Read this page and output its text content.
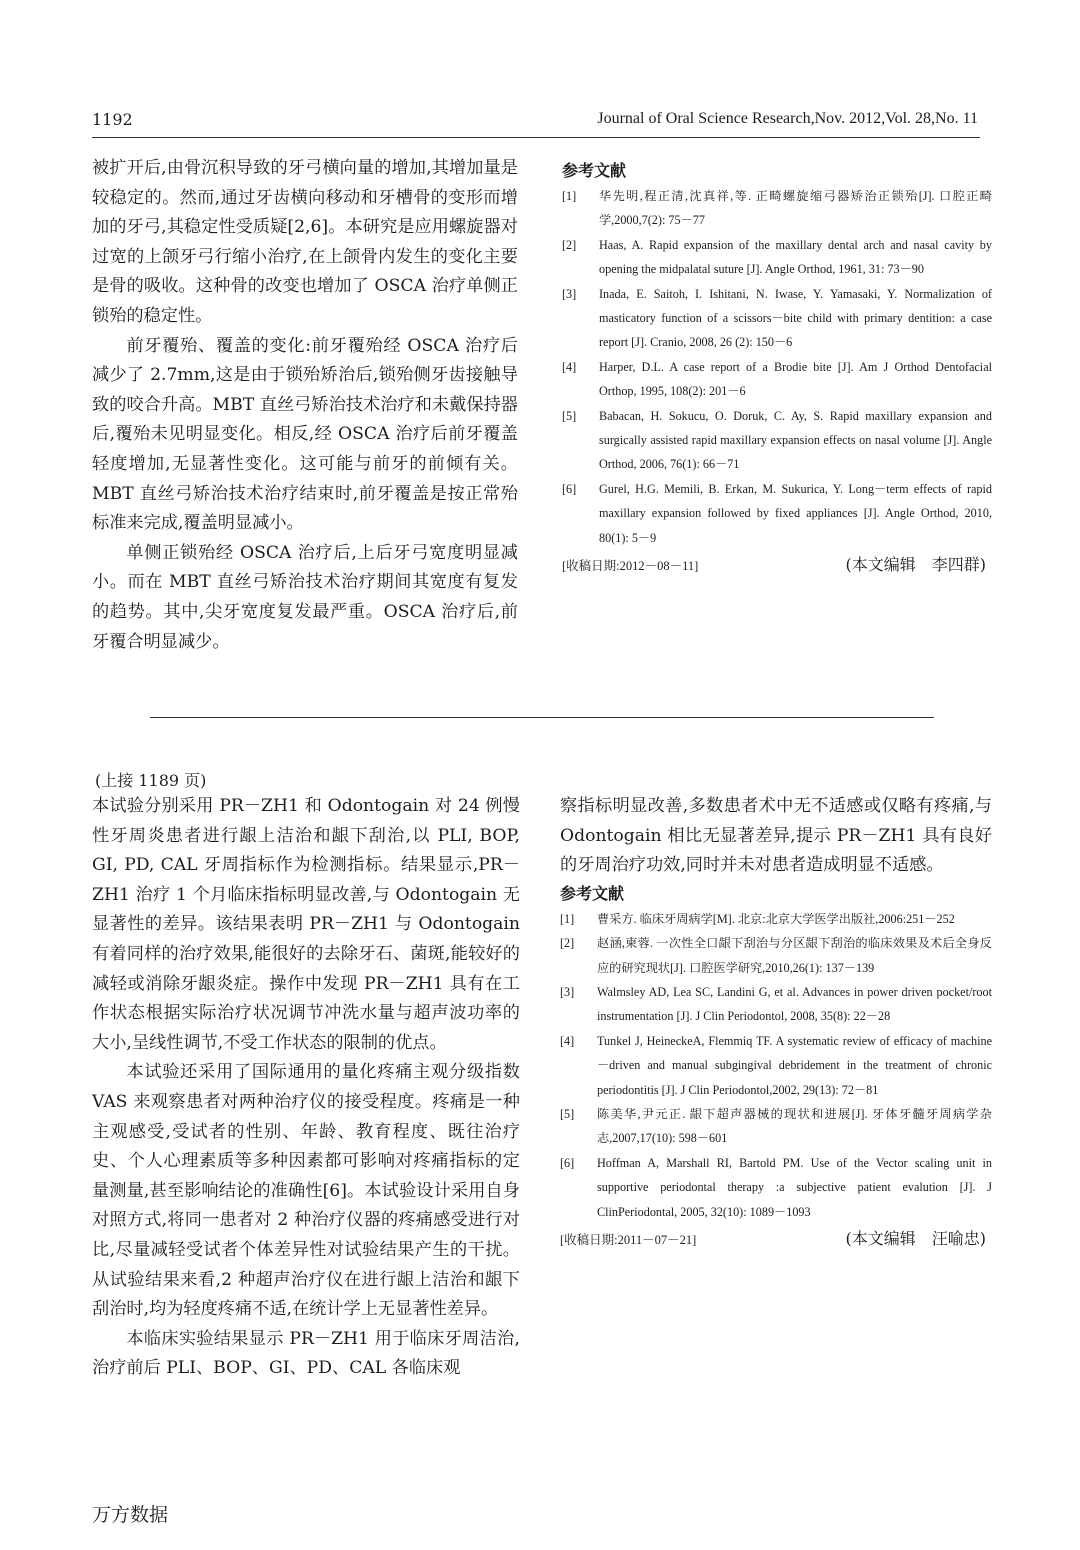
1192	Journal of Oral Science Research,Nov. 2012,Vol. 28,No. 11

被扩开后,由骨沉积导致的牙弓横向量的增加,其增加量是较稳定的。然而,通过牙齿横向移动和牙槽骨的变形而增加的牙弓,其稳定性受质疑[2,6]。本研究是应用螺旋器对过宽的上颌牙弓行缩小治疗,在上颌骨内发生的变化主要是骨的吸收。这种骨的改变也增加了 OSCA 治疗单侧正锁殆的稳定性。

前牙覆殆、覆盖的变化:前牙覆殆经 OSCA 治疗后减少了 2.7mm,这是由于锁殆矫治后,锁殆侧牙齿接触导致的咬合升高。MBT 直丝弓矫治技术治疗和未戴保持器后,覆殆未见明显变化。相反,经 OSCA 治疗后前牙覆盖轻度增加,无显著性变化。这可能与前牙的前倾有关。MBT 直丝弓矫治技术治疗结束时,前牙覆盖是按正常殆标准来完成,覆盖明显减小。

单侧正锁殆经 OSCA 治疗后,上后牙弓宽度明显减小。而在 MBT 直丝弓矫治技术治疗期间其宽度有复发的趋势。其中,尖牙宽度复发最严重。OSCA 治疗后,前牙覆合明显减少。

参考文献
[1] 华先明,程正清,沈真祥,等. 正畸螺旋缩弓器矫治正锁殆[J]. 口腔正畸学,2000,7(2): 75－77
[2] Haas, A. Rapid expansion of the maxillary dental arch and nasal cavity by opening the midpalatal suture [J]. Angle Orthod, 1961, 31: 73－90
[3] Inada, E. Saitoh, I. Ishitani, N. Iwase, Y. Yamasaki, Y. Normalization of masticatory function of a scissors－bite child with primary dentition: a case report [J]. Cranio, 2008, 26 (2): 150－6
[4] Harper, D.L. A case report of a Brodie bite [J]. Am J Orthod Dentofacial Orthop, 1995, 108(2): 201－6
[5] Babacan, H. Sokucu, O. Doruk, C. Ay, S. Rapid maxillary expansion and surgically assisted rapid maxillary expansion effects on nasal volume [J]. Angle Orthod, 2006, 76(1): 66－71
[6] Gurel, H.G. Memili, B. Erkan, M. Sukurica, Y. Long－term effects of rapid maxillary expansion followed by fixed appliances [J]. Angle Orthod, 2010, 80(1): 5－9
[收稿日期:2012－08－11]	(本文编辑　李四群)
(上接 1189 页)

本试验分别采用 PR－ZH1 和 Odontogain 对 24 例慢性牙周炎患者进行龈上洁治和龈下刮治,以 PLI, BOP, GI, PD, CAL 牙周指标作为检测指标。结果显示,PR－ZH1 治疗 1 个月临床指标明显改善,与 Odontogain 无显著性的差异。该结果表明 PR－ZH1 与 Odontogain 有着同样的治疗效果,能很好的去除牙石、菌斑,能较好的减轻或消除牙龈炎症。操作中发现 PR－ZH1 具有在工作状态根据实际治疗状况调节冲洗水量与超声波功率的大小,呈线性调节,不受工作状态的限制的优点。

本试验还采用了国际通用的量化疼痛主观分级指数 VAS 来观察患者对两种治疗仪的接受程度。疼痛是一种主观感受,受试者的性别、年龄、教育程度、既往治疗史、个人心理素质等多种因素都可影响对疼痛指标的定量测量,甚至影响结论的准确性[6]。本试验设计采用自身对照方式,将同一患者对 2 种治疗仪器的疼痛感受进行对比,尽量减轻受试者个体差异性对试验结果产生的干扰。从试验结果来看,2 种超声治疗仪在进行龈上洁治和龈下刮治时,均为轻度疼痛不适,在统计学上无显著性差异。

本临床实验结果显示 PR－ZH1 用于临床牙周洁治,治疗前后 PLI、BOP、GI、PD、CAL 各临床观

察指标明显改善,多数患者术中无不适感或仅略有疼痛,与 Odontogain 相比无显著差异,提示 PR－ZH1 具有良好的牙周治疗功效,同时并未对患者造成明显不适感。

参考文献
[1] 曹采方. 临床牙周病学[M]. 北京:北京大学医学出版社,2006:251－252
[2] 赵涵,柬蓉. 一次性全口龈下刮治与分区龈下刮治的临床效果及术后全身反应的研究现状[J]. 口腔医学研究,2010,26(1): 137－139
[3] Walmsley AD, Lea SC, Landini G, et al. Advances in power driven pocket/root instrumentation [J]. J Clin Periodontol, 2008, 35(8): 22－28
[4] Tunkel J, HeineckeA, Flemmiq TF. A systematic review of efficacy of machine－driven and manual subgingival debridement in the treatment of chronic periodontitis [J]. J Clin Periodontol,2002, 29(13): 72－81
[5] 陈美华,尹元正. 龈下超声器械的现状和进展[J]. 牙体牙髓牙周病学杂志,2007,17(10): 598－601
[6] Hoffman A, Marshall RI, Bartold PM. Use of the Vector scaling unit in supportive periodontal therapy :a subjective patient evalution [J]. J ClinPeriodontal, 2005, 32(10): 1089－1093
[收稿日期:2011－07－21]	(本文编辑　汪喻忠)
万方数据
